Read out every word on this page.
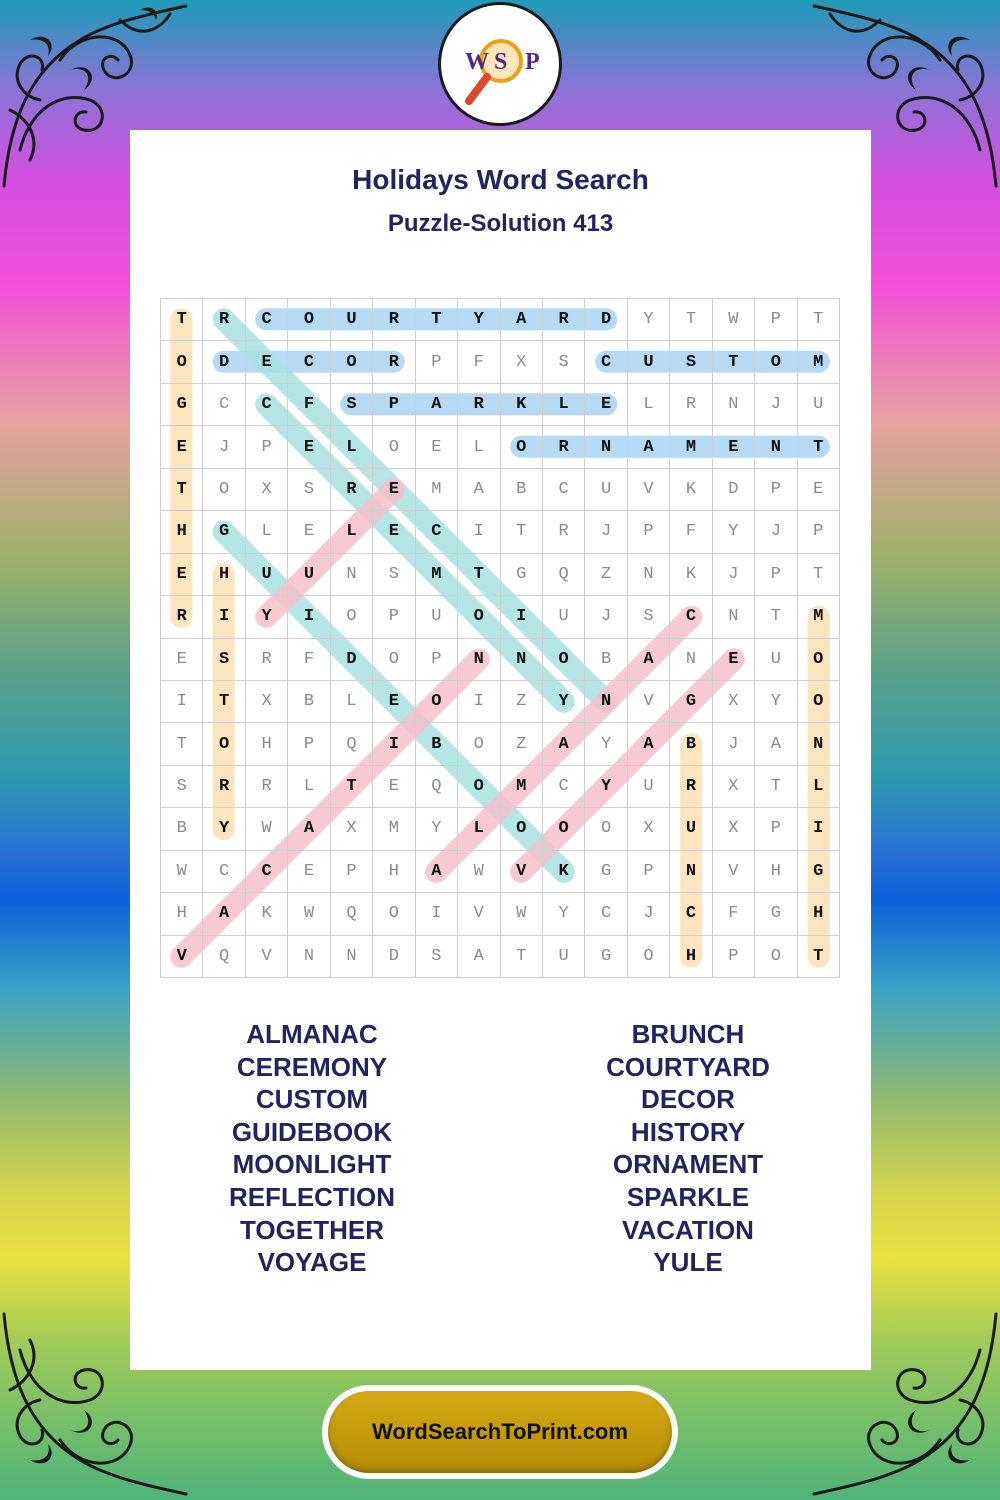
W S P
Holidays Word Search
Puzzle-Solution 413
T	R	C	O	U	R	T	Y	A	R	D	Y	T	W	P	T
O	D	E	C	O	R	P	F	X	S	C	U	S	T	O	M
G	C	C	F	S	P	A	R	K	L	E	L	R	N	J	U
E	J	P	E	L	O	E	L	O	R	N	A	M	E	N	T
T	O	X	S	R	E	M	A	B	C	U	V	K	D	P	E
H	G	L	E	L	E	C	I	T	R	J	P	F	Y	J	P
E	H	U	U	N	S	M	T	G	Q	Z	N	K	J	P	T
R	I	Y	I	O	P	U	O	I	U	J	S	C	N	T	M
E	S	R	F	D	O	P	N	N	O	B	A	N	E	U	O
I	T	X	B	L	E	O	I	Z	Y	N	V	G	X	Y	O
T	O	H	P	Q	I	B	O	Z	A	Y	A	B	J	A	N
S	R	R	L	T	E	Q	O	M	C	Y	U	R	X	T	L
B	Y	W	A	X	M	Y	L	O	O	O	X	U	X	P	I
W	C	C	E	P	H	A	W	V	K	G	P	N	V	H	G
H	A	K	W	Q	O	I	V	W	Y	C	J	C	F	G	H
V	Q	V	N	N	D	S	A	T	U	G	O	H	P	O	T
ALMANAC
CEREMONY
CUSTOM
GUIDEBOOK
MOONLIGHT
REFLECTION
TOGETHER
VOYAGE
BRUNCH
COURTYARD
DECOR
HISTORY
ORNAMENT
SPARKLE
VACATION
YULE
WordSearchToPrint.com
